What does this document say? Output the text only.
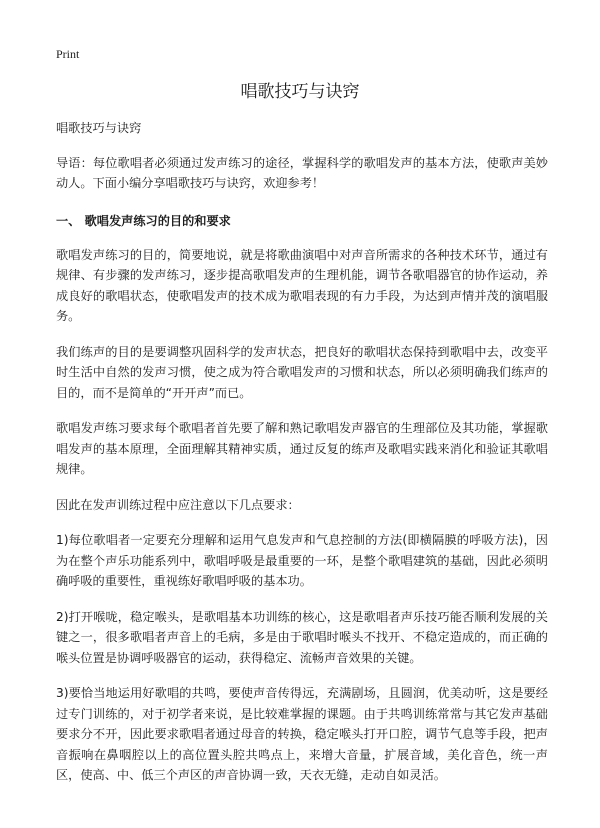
Print
唱歌技巧与诀窍

唱歌技巧与诀窍

导语：每位歌唱者必须通过发声练习的途径，掌握科学的歌唱发声的基本方法，使歌声美妙动人。下面小编分享唱歌技巧与诀窍，欢迎参考！

一、 歌唱发声练习的目的和要求

歌唱发声练习的目的，简要地说，就是将歌曲演唱中对声音所需求的各种技术环节，通过有规律、有步骤的发声练习，逐步提高歌唱发声的生理机能，调节各歌唱器官的协作运动，养成良好的歌唱状态，使歌唱发声的技术成为歌唱表现的有力手段，为达到声情并茂的演唱服务。

我们练声的目的是要调整巩固科学的发声状态，把良好的歌唱状态保持到歌唱中去，改变平时生活中自然的发声习惯，使之成为符合歌唱发声的习惯和状态，所以必须明确我们练声的目的，而不是简单的“开开声”而已。

歌唱发声练习要求每个歌唱者首先要了解和熟记歌唱发声器官的生理部位及其功能，掌握歌唱发声的基本原理，全面理解其精神实质，通过反复的练声及歌唱实践来消化和验证其歌唱规律。

因此在发声训练过程中应注意以下几点要求：

1)每位歌唱者一定要充分理解和运用气息发声和气息控制的方法(即横隔膜的呼吸方法)，因为在整个声乐功能系列中，歌唱呼吸是最重要的一环，是整个歌唱建筑的基础，因此必须明确呼吸的重要性，重视练好歌唱呼吸的基本功。

2)打开喉咙，稳定喉头，是歌唱基本功训练的核心，这是歌唱者声乐技巧能否顺利发展的关键之一，很多歌唱者声音上的毛病，多是由于歌唱时喉头不找开、不稳定造成的，而正确的喉头位置是协调呼吸器官的运动，获得稳定、流畅声音效果的关键。

3)要恰当地运用好歌唱的共鸣，要使声音传得远，充满剧场，且圆润，优美动听，这是要经过专门训练的，对于初学者来说，是比较难掌握的课题。由于共鸣训练常常与其它发声基础要求分不开，因此要求歌唱者通过母音的转换，稳定喉头打开口腔，调节气息等手段，把声音振响在鼻咽腔以上的高位置头腔共鸣点上，来增大音量，扩展音域，美化音色，统一声区，使高、中、低三个声区的声音协调一致，天衣无缝，走动自如灵活。
